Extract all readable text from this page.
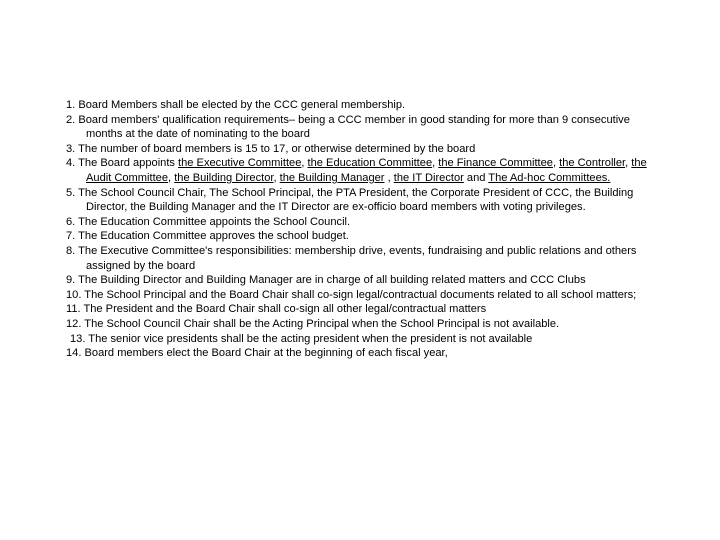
1. Board Members shall be elected by the CCC general membership.

2. Board members' qualification requirements– being a CCC member in good standing for more than 9 consecutive months at the date of nominating to the board

3. The number of board members is 15 to 17, or otherwise determined by the board

4. The Board appoints the Executive Committee, the Education Committee, the Finance Committee, the Controller, the Audit Committee, the Building Director, the Building Manager , the IT Director and The Ad-hoc Committees.

5. The School Council Chair, The School Principal, the PTA President, the Corporate President of CCC, the Building Director, the Building Manager and the IT Director are ex-officio board members with voting privileges.

6. The Education Committee appoints the School Council.

7. The Education Committee approves the school budget.

8. The Executive Committee's responsibilities: membership drive, events, fundraising and public relations and others assigned by the board

9. The Building Director and Building Manager are in charge of all building related matters and CCC Clubs

10. The School Principal and the Board Chair shall co-sign legal/contractual documents related to all school matters;

11. The President and the Board Chair shall co-sign all other legal/contractual matters

12. The School Council Chair shall be the Acting Principal when the School Principal is not available.

13. The senior vice presidents shall be the acting president when the president is not available

14. Board members elect the Board Chair at the beginning of each fiscal year,
